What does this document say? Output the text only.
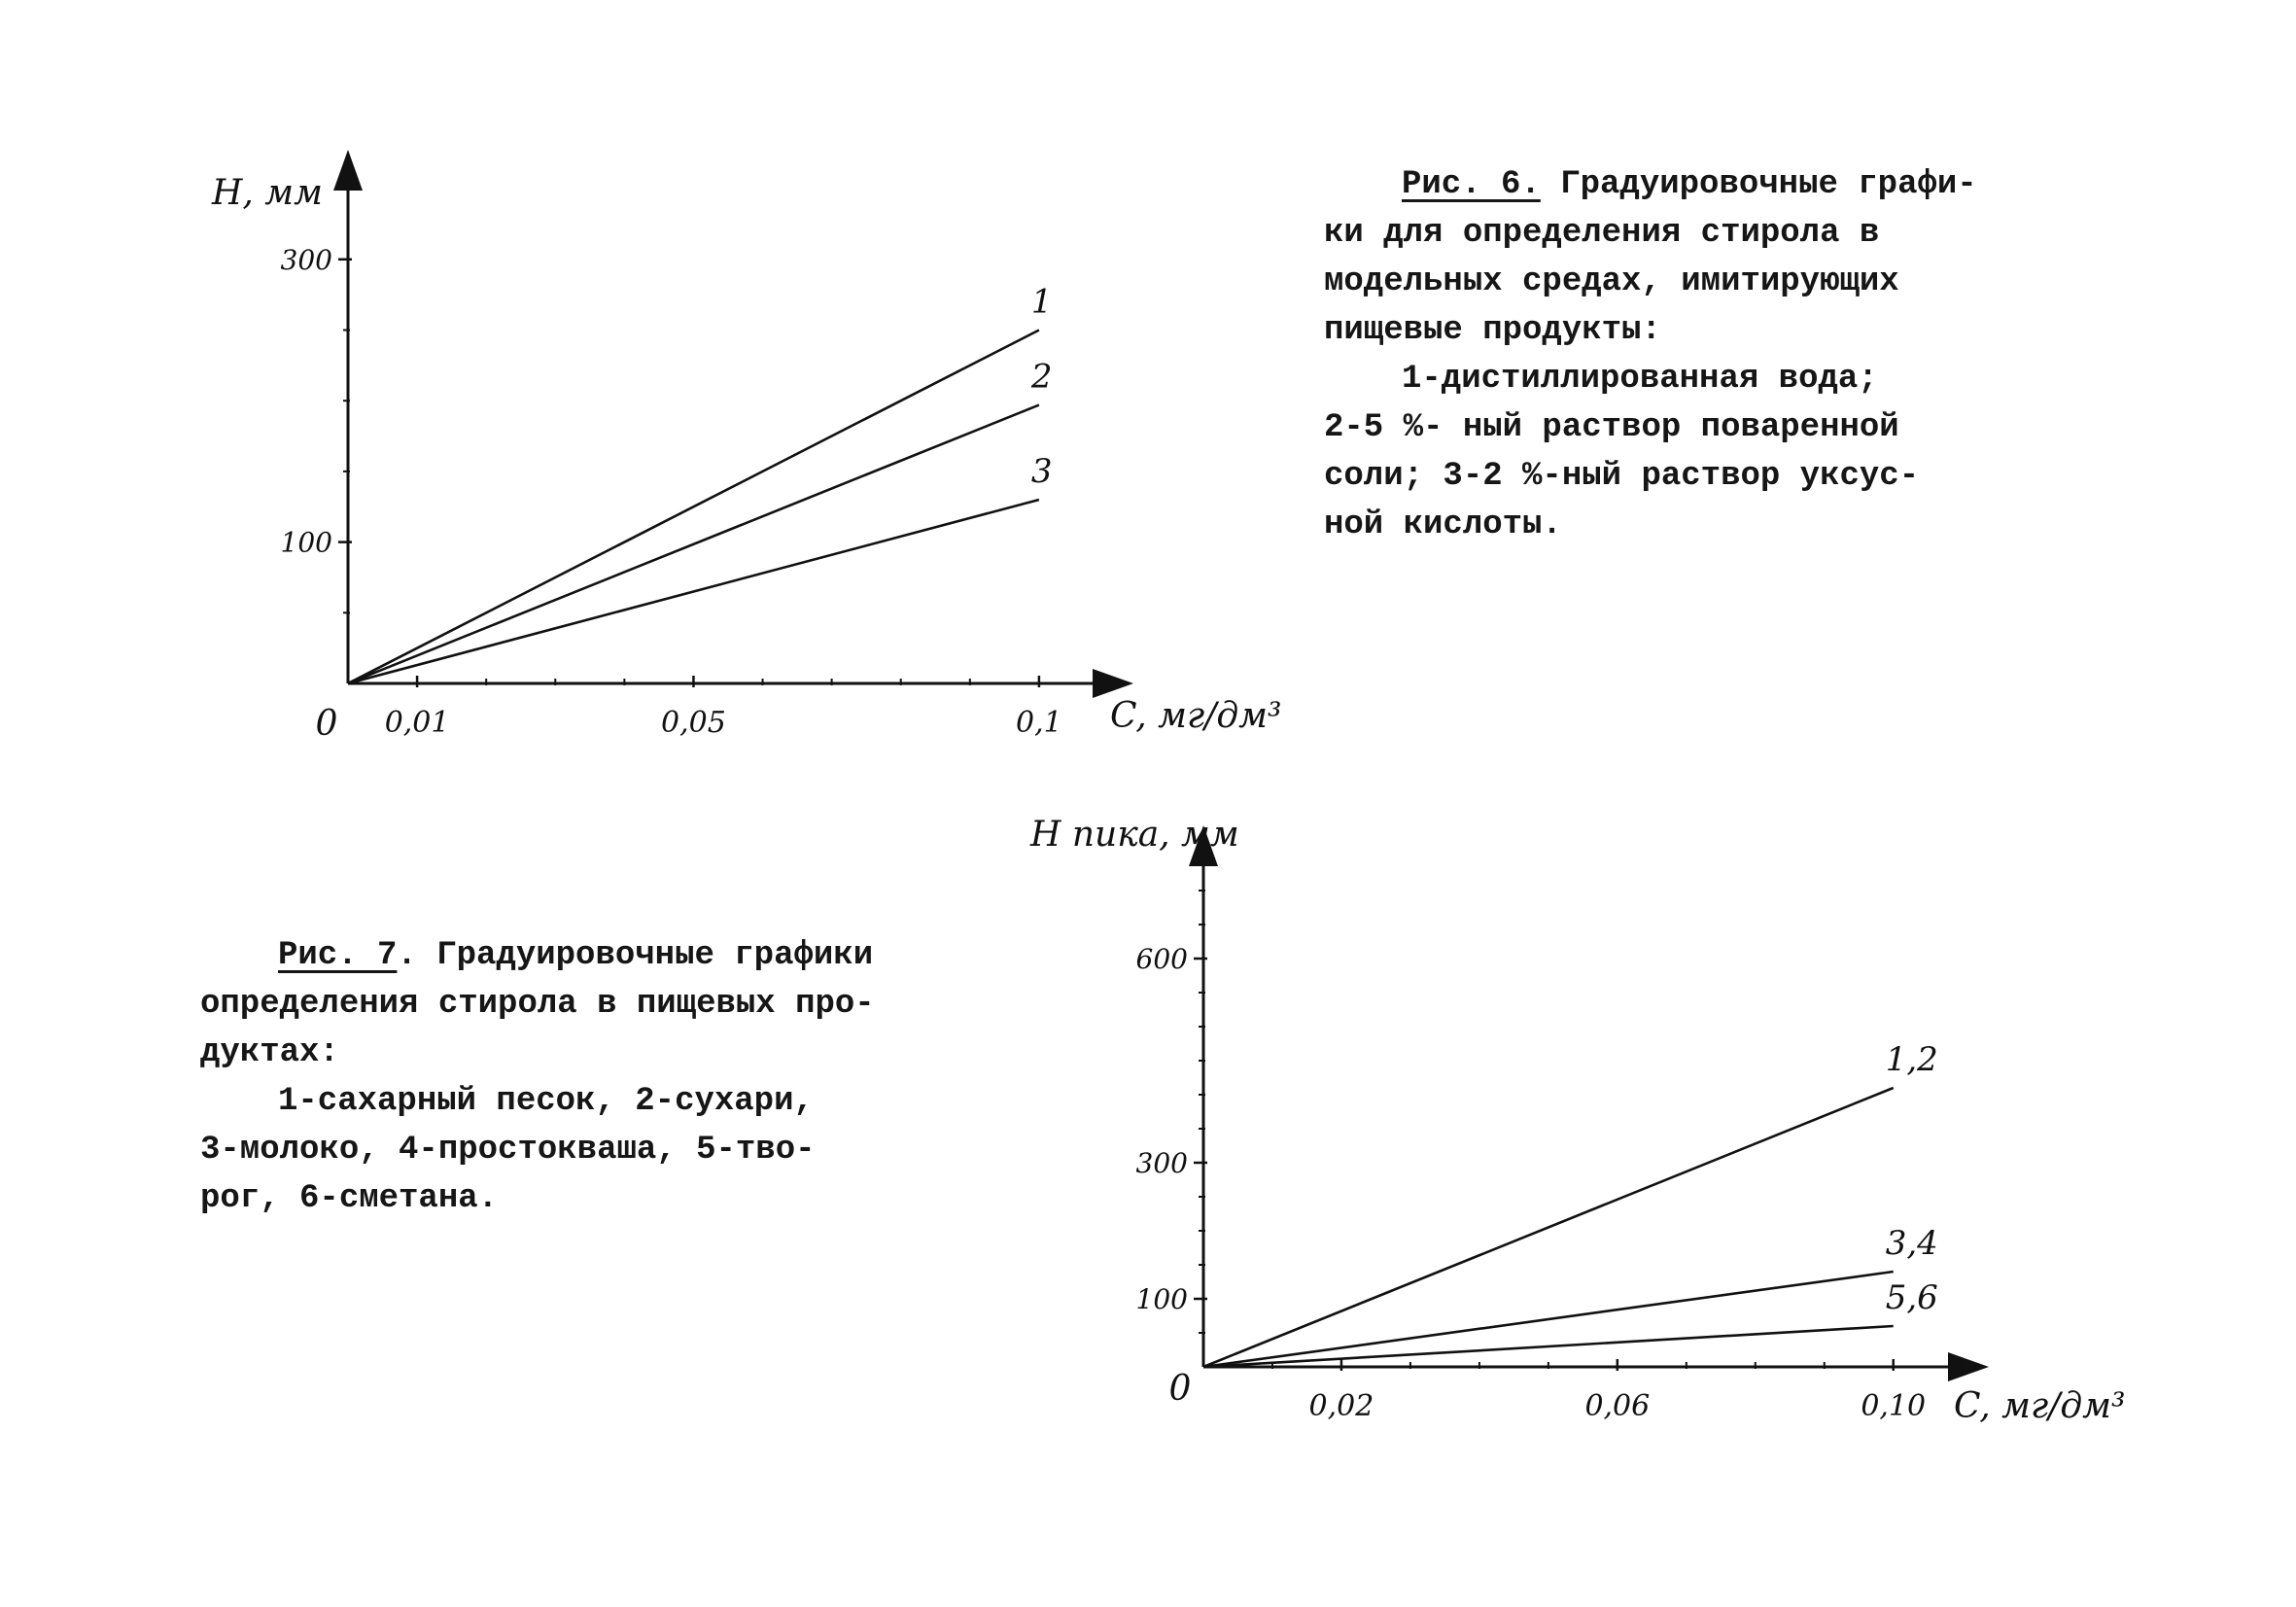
0,01	0,05	0,1
100
300
0
H, мм
C, мг/дм³
1
2
3
0,02	0,06	0,10
100
300
600
0
H пика, мм
C, мг/дм³
1,2
3,4
5,6

Рис. 6. Градуировочные графи-

ки для определения стирола в

модельных средах, имитирующих

пищевые продукты:

1-дистиллированная вода;

2-5 %- ный раствор поваренной

соли; 3-2 %-ный раствор уксус-

ной кислоты.

Рис. 7. Градуировочные графики

определения стирола в пищевых про-

дуктах:

1-сахарный песок, 2-сухари,

3-молоко, 4-простокваша, 5-тво-

рог, 6-сметана.
